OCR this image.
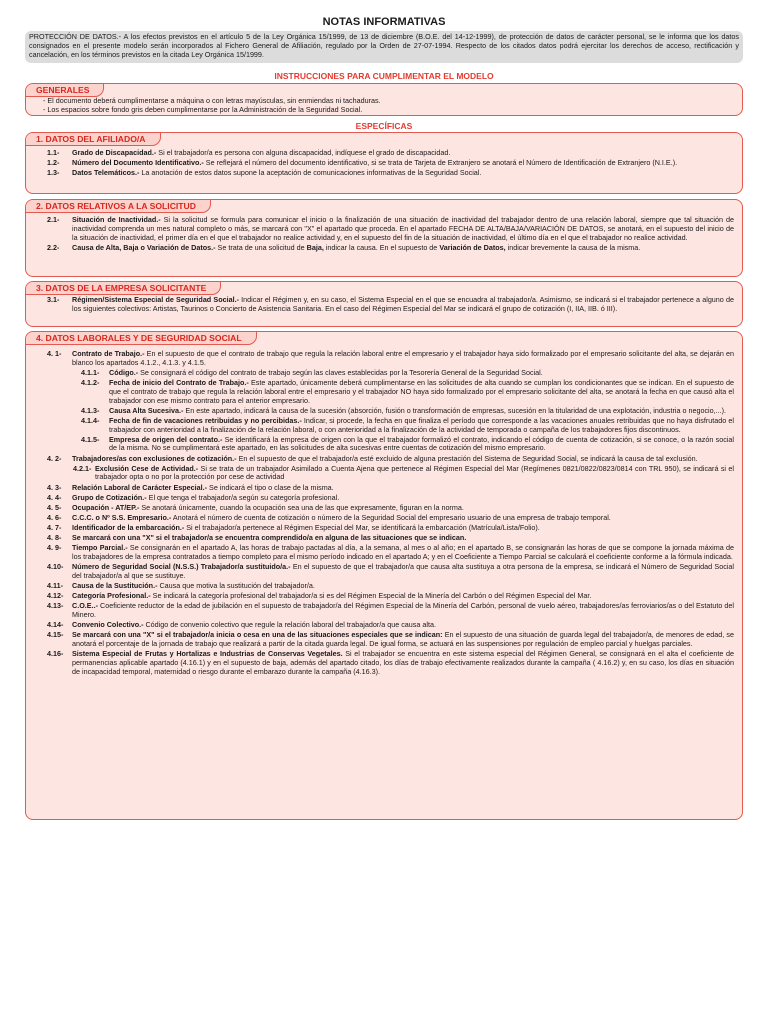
NOTAS INFORMATIVAS
PROTECCIÓN DE DATOS.- A los efectos previstos en el artículo 5 de la Ley Orgánica 15/1999, de 13 de diciembre (B.O.E. del 14-12-1999), de protección de datos de carácter personal, se le informa que los datos consignados en el presente modelo serán incorporados al Fichero General de Afiliación, regulado por la Orden de 27-07-1994. Respecto de los citados datos podrá ejercitar los derechos de acceso, rectificación y cancelación, en los términos previstos en la citada Ley Orgánica 15/1999.
INSTRUCCIONES PARA CUMPLIMENTAR EL MODELO
GENERALES

- El documento deberá cumplimentarse a máquina o con letras mayúsculas, sin enmiendas ni tachaduras.

- Los espacios sobre fondo gris deben cumplimentarse por la Administración de la Seguridad Social.

ESPECÍFICAS
1. DATOS DEL AFILIADO/A
1.1- Grado de Discapacidad.- Si el trabajador/a es persona con alguna discapacidad, indíquese el grado de discapacidad.
1.2- Número del Documento Identificativo.- Se reflejará el número del documento identificativo, si se trata de Tarjeta de Extranjero se anotará el Número de Identificación de Extranjero (N.I.E.).
1.3- Datos Telemáticos.- La anotación de estos datos supone la aceptación de comunicaciones informativas de la Seguridad Social.
2. DATOS RELATIVOS A LA SOLICITUD
2.1- Situación de Inactividad.- Si la solicitud se formula para comunicar el inicio o la finalización de una situación de inactividad del trabajador dentro de una relación laboral, siempre que tal situación de inactividad comprenda un mes natural completo o más, se marcará con "X" el apartado que proceda. En el apartado FECHA DE ALTA/BAJA/VARIACIÓN DE DATOS, se anotará, en el supuesto del inicio de la situación de inactividad, el primer día en el que el trabajador no realice actividad y, en el supuesto del fin de la situación de inactividad, el último día en el que el trabajador no realice actividad.
2.2- Causa de Alta, Baja o Variación de Datos.- Se trata de una solicitud de Baja, indicar la causa. En el supuesto de Variación de Datos, indicar brevemente la causa de la misma.
3. DATOS DE LA EMPRESA SOLICITANTE
3.1- Régimen/Sistema Especial de Seguridad Social.- Indicar el Régimen y, en su caso, el Sistema Especial en el que se encuadra al trabajador/a. Asimismo, se indicará si el trabajador pertenece a alguno de los siguientes colectivos: Artistas, Taurinos o Concierto de Asistencia Sanitaria. En el caso del Régimen Especial del Mar se indicará el grupo de cotización (I, IIA, IIB. ó III).
4. DATOS LABORALES Y DE SEGURIDAD SOCIAL
4. 1- Contrato de Trabajo.- En el supuesto de que el contrato de trabajo que regula la relación laboral entre el empresario y el trabajador haya sido formalizado por el empresario solicitante del alta, se dejarán en blanco los apartados 4.1.2., 4.1.3. y 4.1.5.
4.1.1- Código.- Se consignará el código del contrato de trabajo según las claves establecidas por la Tesorería General de la Seguridad Social.
4.1.2- Fecha de inicio del Contrato de Trabajo.- Este apartado, únicamente deberá cumplimentarse en las solicitudes de alta cuando se cumplan los condicionantes que se indican. En el supuesto de que el contrato de trabajo que regula la relación laboral entre el empresario y el trabajador NO haya sido formalizado por el empresario solicitante del alta, se anotará la fecha en que causó alta el trabajador con ese mismo contrato para el anterior empresario.
4.1.3- Causa Alta Sucesiva.- En este apartado, indicará la causa de la sucesión (absorción, fusión o transformación de empresas, sucesión en la titularidad de una explotación, industria o negocio,...).
4.1.4- Fecha de fin de vacaciones retribuidas y no percibidas.- Indicar, si procede, la fecha en que finaliza el período que corresponde a las vacaciones anuales retribuidas que no haya disfrutado el trabajador con anterioridad a la finalización de la relación laboral, o con anterioridad a la finalización de la actividad de temporada o campaña de los trabajadores fijos discontinuos.
4.1.5- Empresa de origen del contrato.- Se identificará la empresa de origen con la que el trabajador formalizó el contrato, indicando el código de cuenta de cotización, si se conoce, o la razón social de la misma. No se cumplimentará este apartado, en las solicitudes de alta sucesivas entre cuentas de cotización del mismo empresario.
4. 2- Trabajadores/as con exclusiones de cotización.- En el supuesto de que el trabajador/a esté excluido de alguna prestación del Sistema de Seguridad Social, se indicará la causa de tal exclusión.
4.2.1- Exclusión Cese de Actividad.- Si se trata de un trabajador Asimilado a Cuenta Ajena que pertenece al Régimen Especial del Mar (Regímenes 0821/0822/0823/0814 con TRL 950), se indicará si el trabajador opta o no por la protección por cese de actividad
4. 3- Relación Laboral de Carácter Especial.- Se indicará el tipo o clase de la misma.
4. 4- Grupo de Cotización.- El que tenga el trabajador/a según su categoría profesional.
4. 5- Ocupación - AT/EP.- Se anotará únicamente, cuando la ocupación sea una de las que expresamente, figuran en la norma.
4. 6- C.C.C. o Nº S.S. Empresario.- Anotará el número de cuenta de cotización o número de la Seguridad Social del empresario usuario de una empresa de trabajo temporal.
4. 7- Identificador de la embarcación.- Si el trabajador/a pertenece al Régimen Especial del Mar, se identificará la embarcación (Matrícula/Lista/Folio).
4. 8- Se marcará con una "X" si el trabajador/a se encuentra comprendido/a en alguna de las situaciones que se indican.
4. 9- Tiempo Parcial.- Se consignarán en el apartado A, las horas de trabajo pactadas al día, a la semana, al mes o al año; en el apartado B, se consignarán las horas de que se compone la jornada máxima de los trabajadores de la empresa contratados a tiempo completo para el mismo período indicado en el apartado A; y en el Coeficiente a Tiempo Parcial se calculará el coeficiente conforme a la fórmula indicada.
4.10- Número de Seguridad Social (N.S.S.) Trabajador/a sustituido/a.- En el supuesto de que el trabajador/a que causa alta sustituya a otra persona de la empresa, se indicará el Número de Seguridad Social del trabajador/a al que se sustituye.
4.11- Causa de la Sustitución.- Causa que motiva la sustitución del trabajador/a.
4.12- Categoría Profesional.- Se indicará la categoría profesional del trabajador/a si es del Régimen Especial de la Minería del Carbón o del Régimen Especial del Mar.
4.13- C.O.E..- Coeficiente reductor de la edad de jubilación en el supuesto de trabajador/a del Régimen Especial de la Minería del Carbón, personal de vuelo aéreo, trabajadores/as ferroviarios/as o del Estatuto del Minero.
4.14- Convenio Colectivo.- Código de convenio colectivo que regule la relación laboral del trabajador/a que causa alta.
4.15- Se marcará con una "X" si el trabajador/a inicia o cesa en una de las situaciones especiales que se indican: En el supuesto de una situación de guarda legal del trabajador/a, de menores de edad, se anotará el porcentaje de la jornada de trabajo que realizará a partir de la citada guarda legal. De igual forma, se actuará en las suspensiones por regulación de empleo parcial y huelgas parciales.
4.16- Sistema Especial de Frutas y Hortalizas e Industrias de Conservas Vegetales. Si el trabajador se encuentra en este sistema especial del Régimen General, se consignará en el alta el coeficiente de permanencias aplicable apartado (4.16.1) y en el supuesto de baja, además del apartado citado, los días de trabajo efectivamente realizados durante la campaña ( 4.16.2) y, en su caso, los días en situación de incapacidad temporal, maternidad o riesgo durante el embarazo durante la campaña (4.16.3).
